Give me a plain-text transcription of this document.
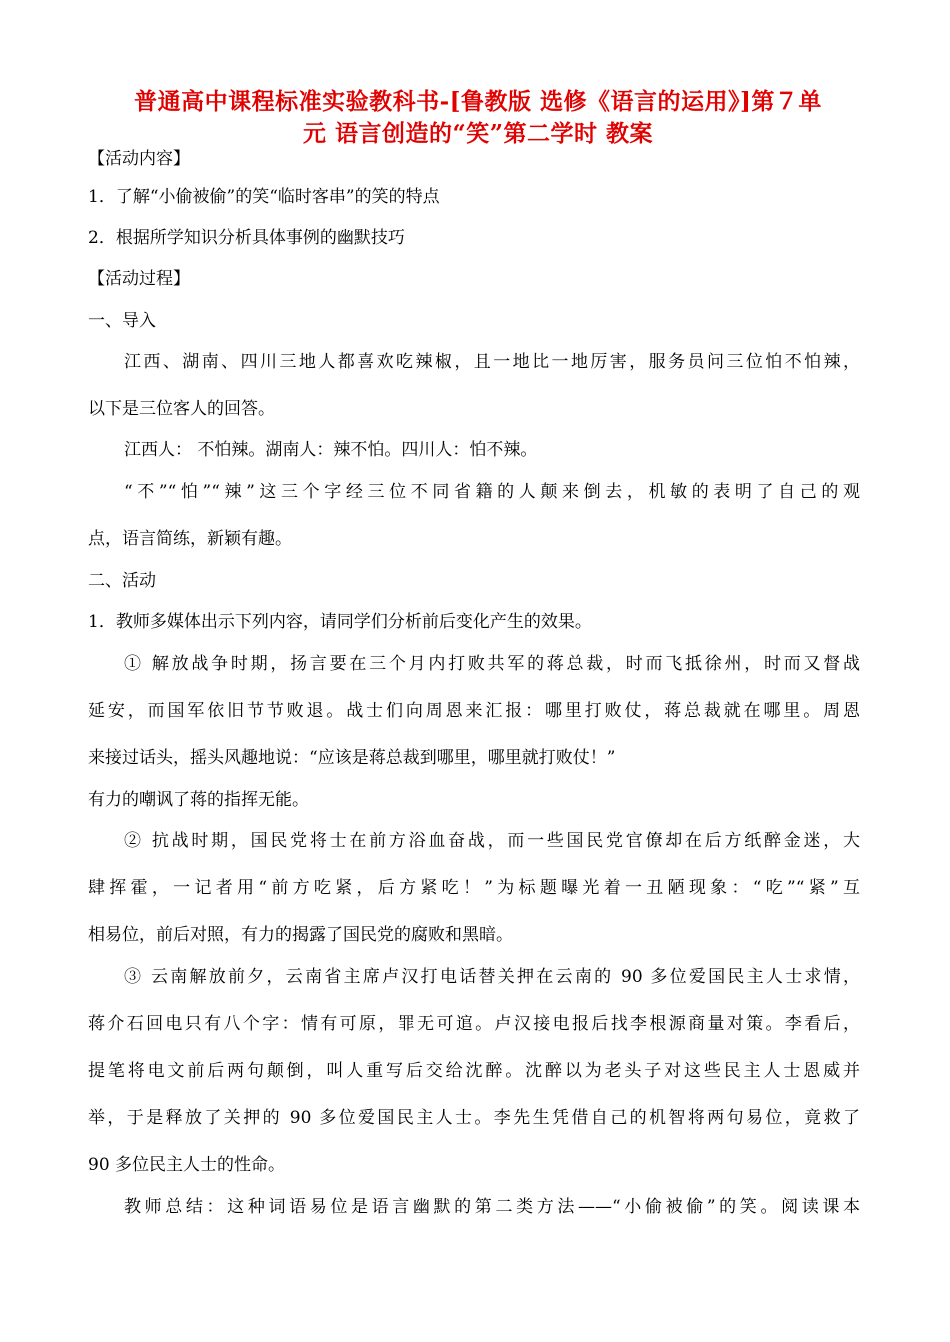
普通高中课程标准实验教科书-[鲁教版 选修《语言的运用》]第７单
元 语言创造的“笑”第二学时 教案
【活动内容】
1．了解“小偷被偷”的笑“临时客串”的笑的特点
2．根据所学知识分析具体事例的幽默技巧
【活动过程】
一、导入
江西、湖南、四川三地人都喜欢吃辣椒，且一地比一地厉害，服务员问三位怕不怕辣，
以下是三位客人的回答。
江西人： 不怕辣。湖南人：辣不怕。四川人：怕不辣。
“不”“怕”“辣”这三个字经三位不同省籍的人颠来倒去，机敏的表明了自己的观
点，语言简练，新颖有趣。
二、活动
1．教师多媒体出示下列内容，请同学们分析前后变化产生的效果。
① 解放战争时期，扬言要在三个月内打败共军的蒋总裁，时而飞抵徐州，时而又督战
延安，而国军依旧节节败退。战士们向周恩来汇报：哪里打败仗，蒋总裁就在哪里。周恩
来接过话头，摇头风趣地说：“应该是蒋总裁到哪里，哪里就打败仗！”
有力的嘲讽了蒋的指挥无能。
② 抗战时期，国民党将士在前方浴血奋战，而一些国民党官僚却在后方纸醉金迷，大
肆挥霍，一记者用“前方吃紧，后方紧吃！”为标题曝光着一丑陋现象：“吃”“紧”互
相易位，前后对照，有力的揭露了国民党的腐败和黑暗。
③ 云南解放前夕，云南省主席卢汉打电话替关押在云南的 90 多位爱国民主人士求情，
蒋介石回电只有八个字：情有可原，罪无可逭。卢汉接电报后找李根源商量对策。李看后，
提笔将电文前后两句颠倒，叫人重写后交给沈醉。沈醉以为老头子对这些民主人士恩威并
举，于是释放了关押的 90 多位爱国民主人士。李先生凭借自己的机智将两句易位，竟救了
90 多位民主人士的性命。
教师总结：这种词语易位是语言幽默的第二类方法——“小偷被偷”的笑。阅读课本
